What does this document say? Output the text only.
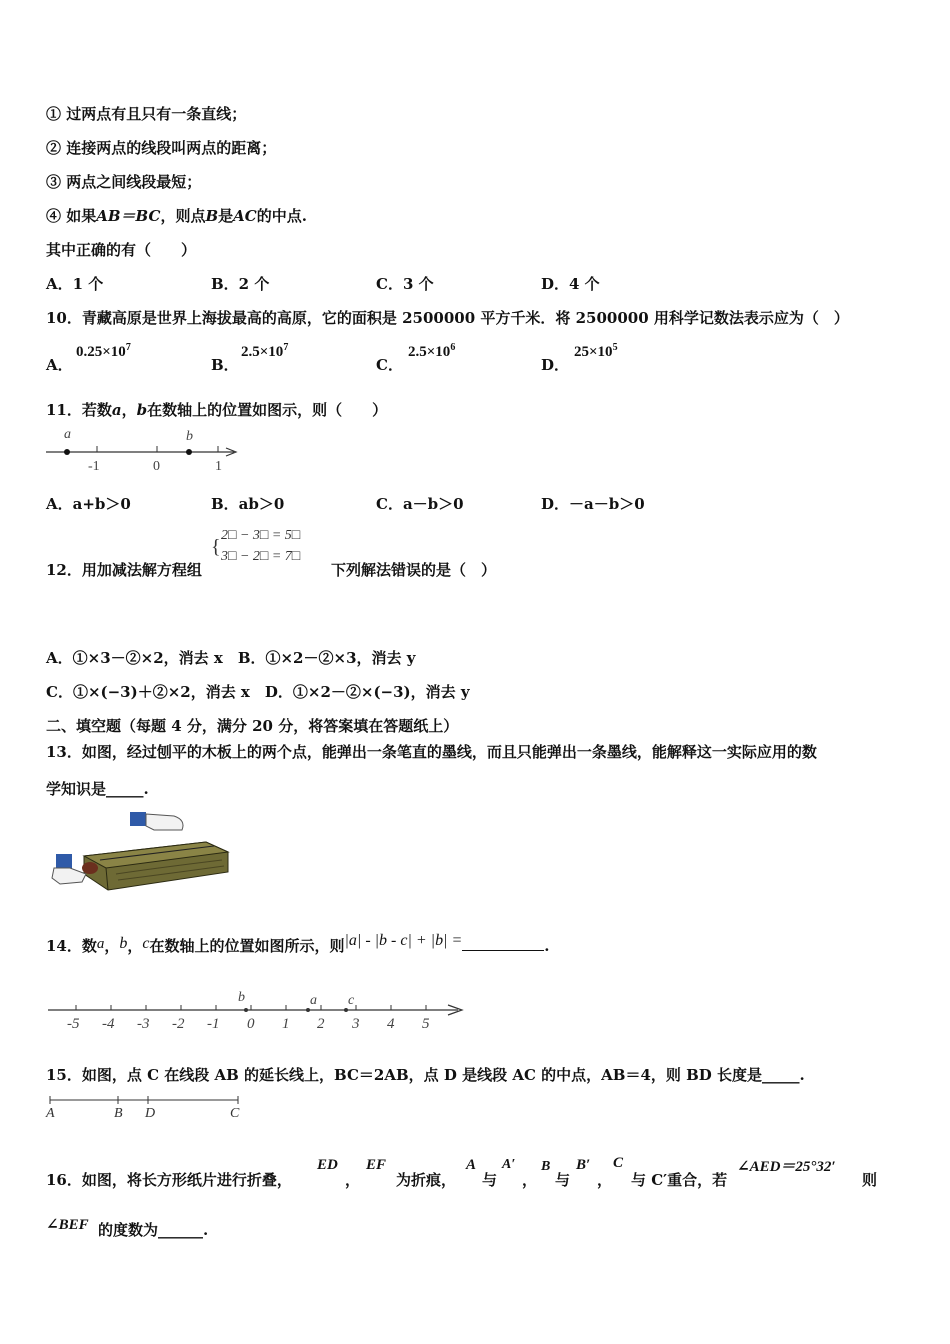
① 过两点有且只有一条直线；
② 连接两点的线段叫两点的距离；
③ 两点之间线段最短；
④ 如果AB＝BC，则点B是AC的中点.
其中正确的有（　　）
A．1 个	B．2 个	C．3 个	D．4 个
10．青藏高原是世界上海拔最高的高原，它的面积是 2500000 平方千米．将 2500000 用科学记数法表示应为（　）
A．
$0.25\times 10^7$
B．
$2.5\times 10^7$
C．
$2.5\times 10^6$
D．
$25\times 10^5$
11．若数a，b在数轴上的位置如图示，则（　　）
a	b
-1	0	1
A．a+b＞0	B．ab＞0	C．a－b＞0	D．－a－b＞0
12．用加减法解方程组
{
2□ − 3□ = 5□
3□ − 2□ = 7□
下列解法错误的是（　）
A．①×3－②×2，消去 x　B．①×2－②×3，消去 y
C．①×(−3)＋②×2，消去 x　D．①×2－②×(−3)，消去 y
二、填空题（每题 4 分，满分 20 分，将答案填在答题纸上）
13．如图，经过刨平的木板上的两个点，能弹出一条笔直的墨线，而且只能弹出一条墨线，能解释这一实际应用的数
学知识是_____.
14．数a，b，c在数轴上的位置如图所示，则|a| - |b - c| + |b| =	.
-5 -4 -3 -2 -1 0 1 2 3 4 5
a
b	c
15．如图，点 C 在线段 AB 的延长线上，BC＝2AB，点 D 是线段 AC 的中点，AB＝4，则 BD 长度是_____.
A	B D	C
16．如图，将长方形纸片进行折叠，
ED
，
EF
为折痕，
A
与
A′
，
B
与
B′
，
C
与 C′重合，若
∠AED＝25°32′
则
∠BEF 的度数为______.
